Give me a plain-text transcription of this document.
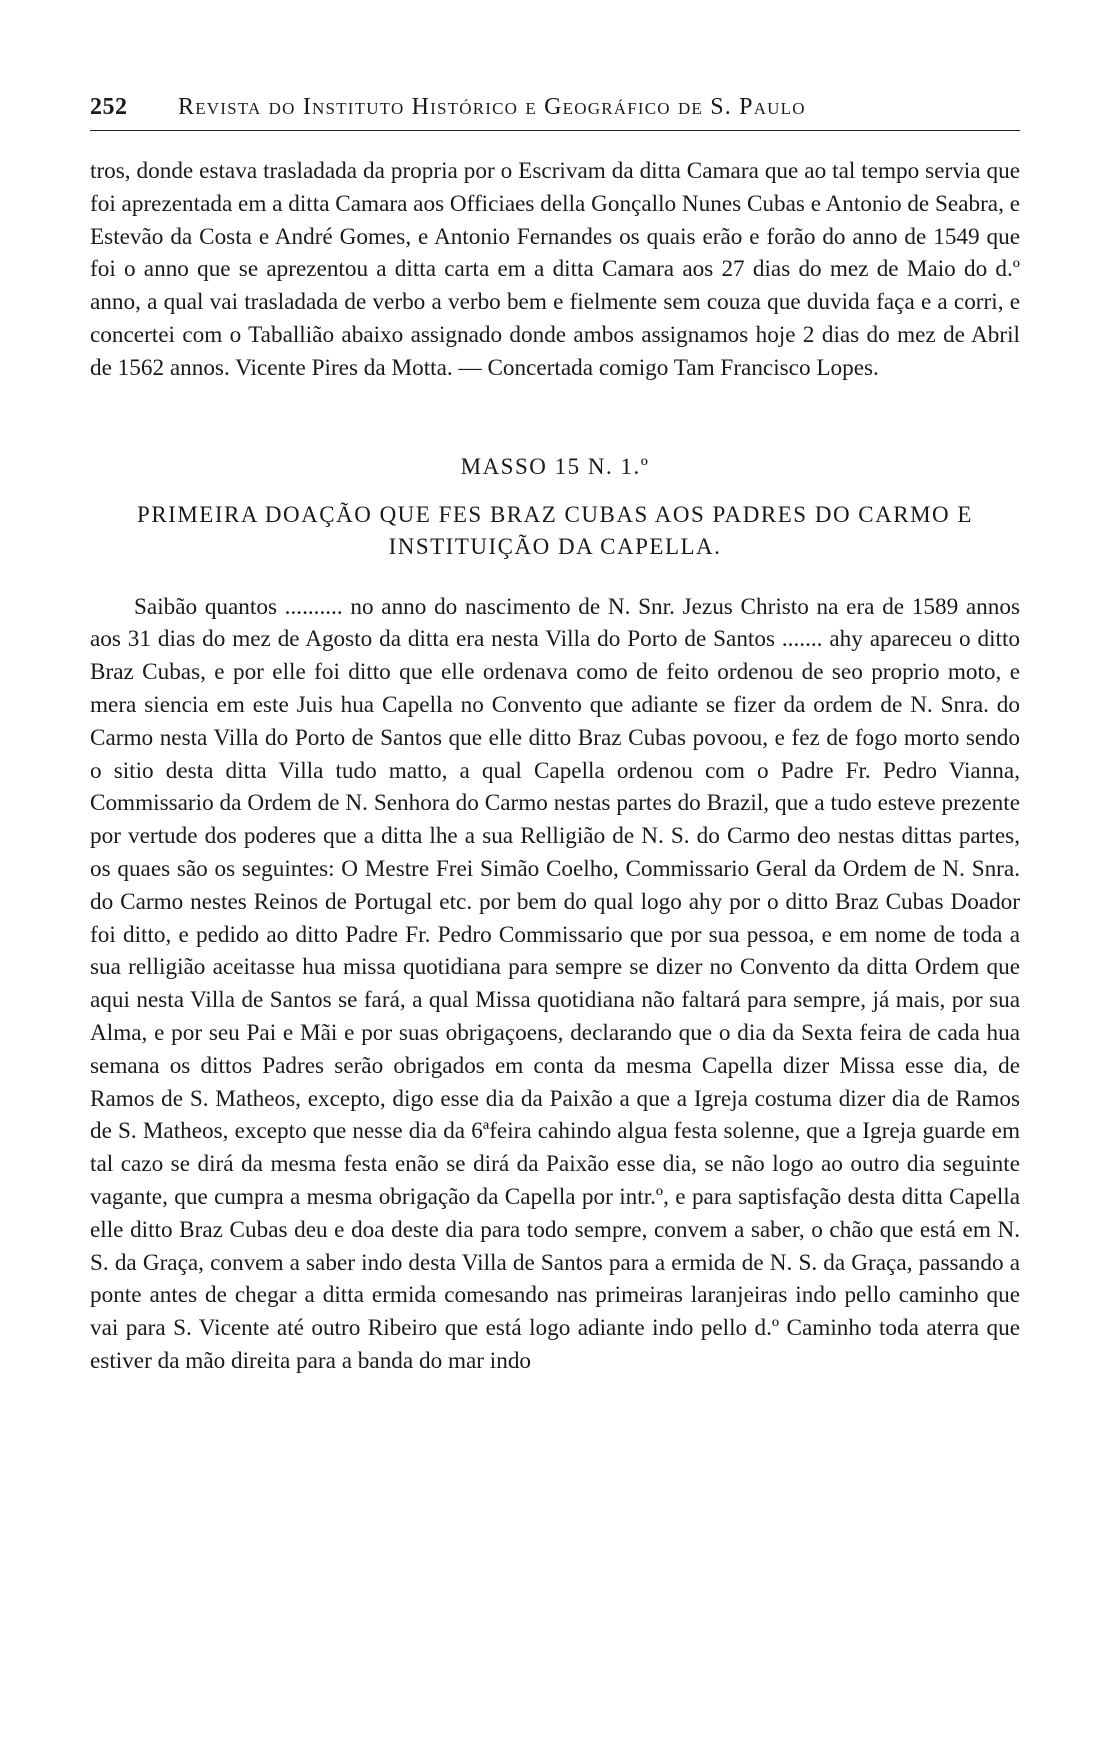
252	Revista do Instituto Histórico e Geográfico de S. Paulo

tros, donde estava trasladada da propria por o Escrivam da ditta Camara que ao tal tempo servia que foi aprezentada em a ditta Camara aos Officiaes della Gonçallo Nunes Cubas e Antonio de Seabra, e Estevão da Costa e André Gomes, e Antonio Fernandes os quais erão e forão do anno de 1549 que foi o anno que se aprezentou a ditta carta em a ditta Camara aos 27 dias do mez de Maio do d.º anno, a qual vai trasladada de verbo a verbo bem e fielmente sem couza que duvida faça e a corri, e concertei com o Taballião abaixo assignado donde ambos assignamos hoje 2 dias do mez de Abril de 1562 annos. Vicente Pires da Motta. — Concertada comigo Tam Francisco Lopes.

MASSO 15 N. 1.º

PRIMEIRA DOAÇÃO QUE FES BRAZ CUBAS AOS PADRES DO CARMO E INSTITUIÇÃO DA CAPELLA.

Saibão quantos .......... no anno do nascimento de N. Snr. Jezus Christo na era de 1589 annos aos 31 dias do mez de Agosto da ditta era nesta Villa do Porto de Santos ....... ahy apareceu o ditto Braz Cubas, e por elle foi ditto que elle ordenava como de feito ordenou de seo proprio moto, e mera siencia em este Juis hua Capella no Convento que adiante se fizer da ordem de N. Snra. do Carmo nesta Villa do Porto de Santos que elle ditto Braz Cubas povoou, e fez de fogo morto sendo o sitio desta ditta Villa tudo matto, a qual Capella ordenou com o Padre Fr. Pedro Vianna, Commissario da Ordem de N. Senhora do Carmo nestas partes do Brazil, que a tudo esteve prezente por vertude dos poderes que a ditta lhe a sua Relligião de N. S. do Carmo deo nestas dittas partes, os quaes são os seguintes: O Mestre Frei Simão Coelho, Commissario Geral da Ordem de N. Snra. do Carmo nestes Reinos de Portugal etc. por bem do qual logo ahy por o ditto Braz Cubas Doador foi ditto, e pedido ao ditto Padre Fr. Pedro Commissario que por sua pessoa, e em nome de toda a sua relligião aceitasse hua missa quotidiana para sempre se dizer no Convento da ditta Ordem que aqui nesta Villa de Santos se fará, a qual Missa quotidiana não faltará para sempre, já mais, por sua Alma, e por seu Pai e Mãi e por suas obrigaçoens, declarando que o dia da Sexta feira de cada hua semana os dittos Padres serão obrigados em conta da mesma Capella dizer Missa esse dia, de Ramos de S. Matheos, excepto, digo esse dia da Paixão a que a Igreja costuma dizer dia de Ramos de S. Matheos, excepto que nesse dia da 6ªfeira cahindo algua festa solenne, que a Igreja guarde em tal cazo se dirá da mesma festa enão se dirá da Paixão esse dia, se não logo ao outro dia seguinte vagante, que cumpra a mesma obrigação da Capella por intr.º, e para saptisfação desta ditta Capella elle ditto Braz Cubas deu e doa deste dia para todo sempre, convem a saber, o chão que está em N. S. da Graça, convem a saber indo desta Villa de Santos para a ermida de N. S. da Graça, passando a ponte antes de chegar a ditta ermida comesando nas primeiras laranjeiras indo pello caminho que vai para S. Vicente até outro Ribeiro que está logo adiante indo pello d.º Caminho toda aterra que estiver da mão direita para a banda do mar indo
